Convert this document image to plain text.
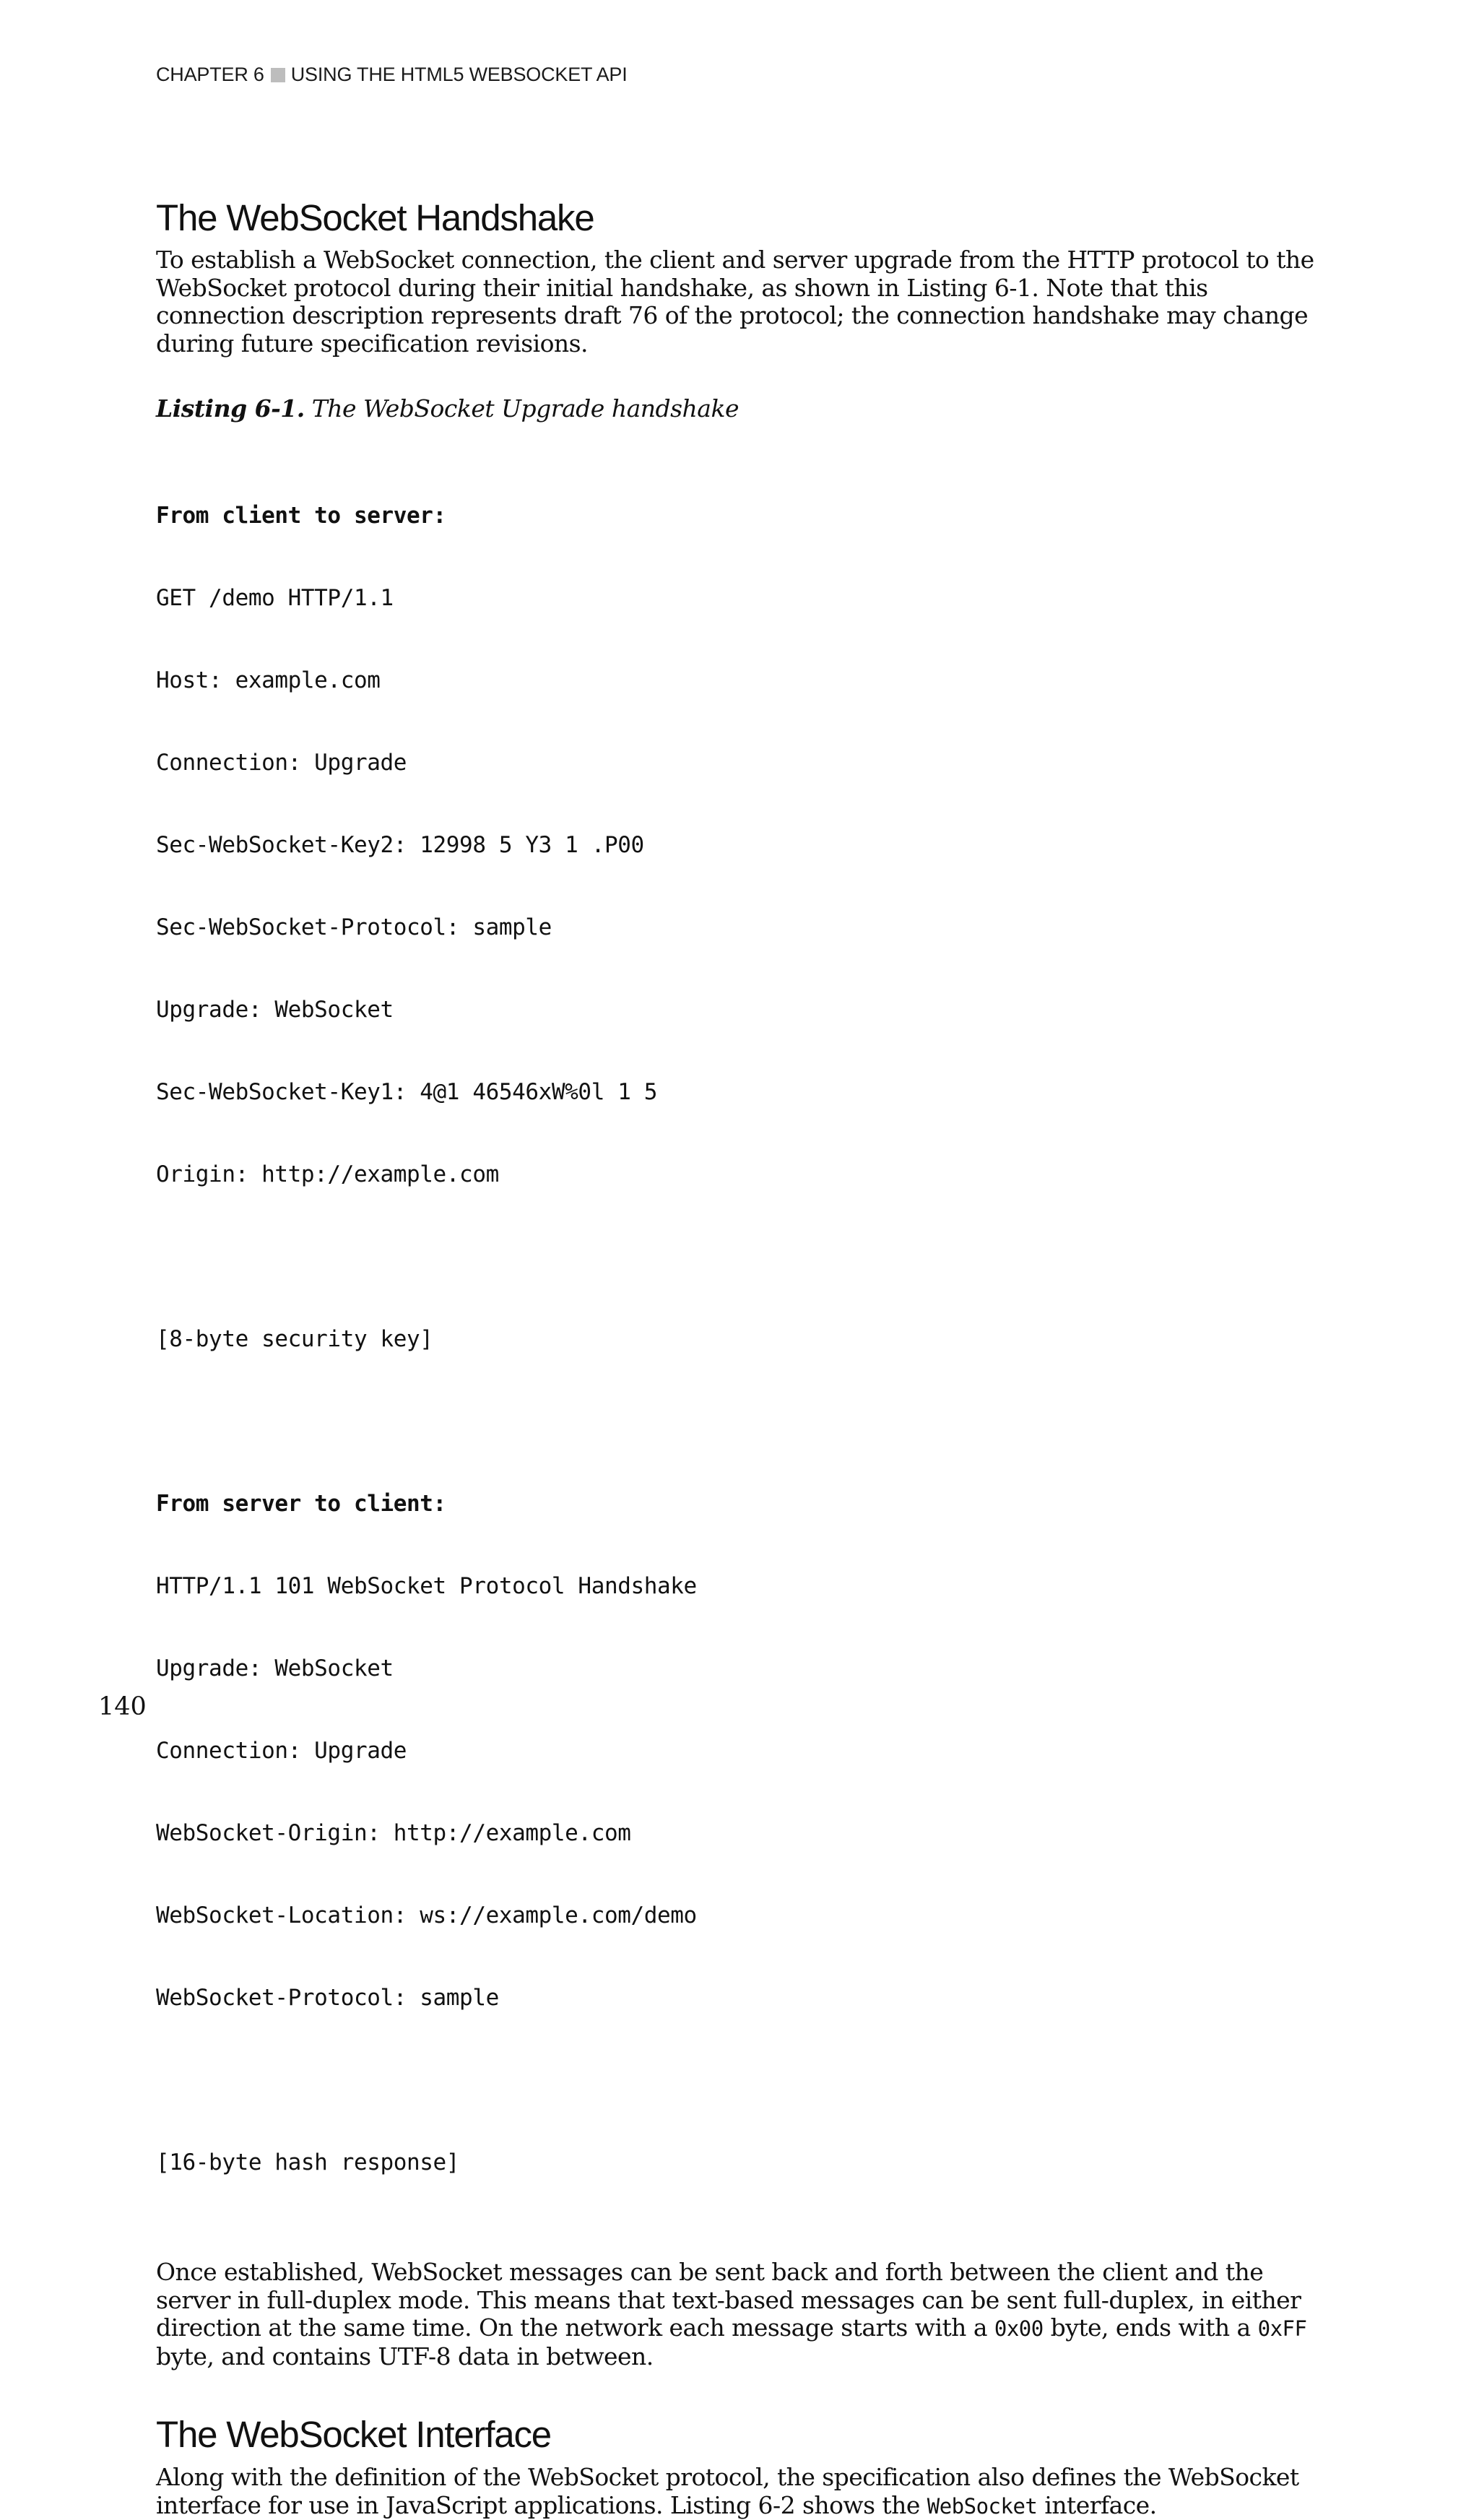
CHAPTER 6 USING THE HTML5 WEBSOCKET API
The WebSocket Handshake

To establish a WebSocket connection, the client and server upgrade from the HTTP protocol to the WebSocket protocol during their initial handshake, as shown in Listing 6-1. Note that this connection description represents draft 76 of the protocol; the connection handshake may change during future specification revisions.

Listing 6-1. The WebSocket Upgrade handshake

From client to server:

GET /demo HTTP/1.1

Host: example.com

Connection: Upgrade

Sec-WebSocket-Key2: 12998 5 Y3 1 .P00

Sec-WebSocket-Protocol: sample

Upgrade: WebSocket

Sec-WebSocket-Key1: 4@1 46546xW%0l 1 5

Origin: http://example.com

[8-byte security key]

From server to client:

HTTP/1.1 101 WebSocket Protocol Handshake

Upgrade: WebSocket

Connection: Upgrade

WebSocket-Origin: http://example.com

WebSocket-Location: ws://example.com/demo

WebSocket-Protocol: sample

[16-byte hash response]

Once established, WebSocket messages can be sent back and forth between the client and the server in full-duplex mode. This means that text-based messages can be sent full-duplex, in either direction at the same time. On the network each message starts with a 0x00 byte, ends with a 0xFF byte, and contains UTF-8 data in between.

The WebSocket Interface

Along with the definition of the WebSocket protocol, the specification also defines the WebSocket interface for use in JavaScript applications. Listing 6-2 shows the WebSocket interface.

140
